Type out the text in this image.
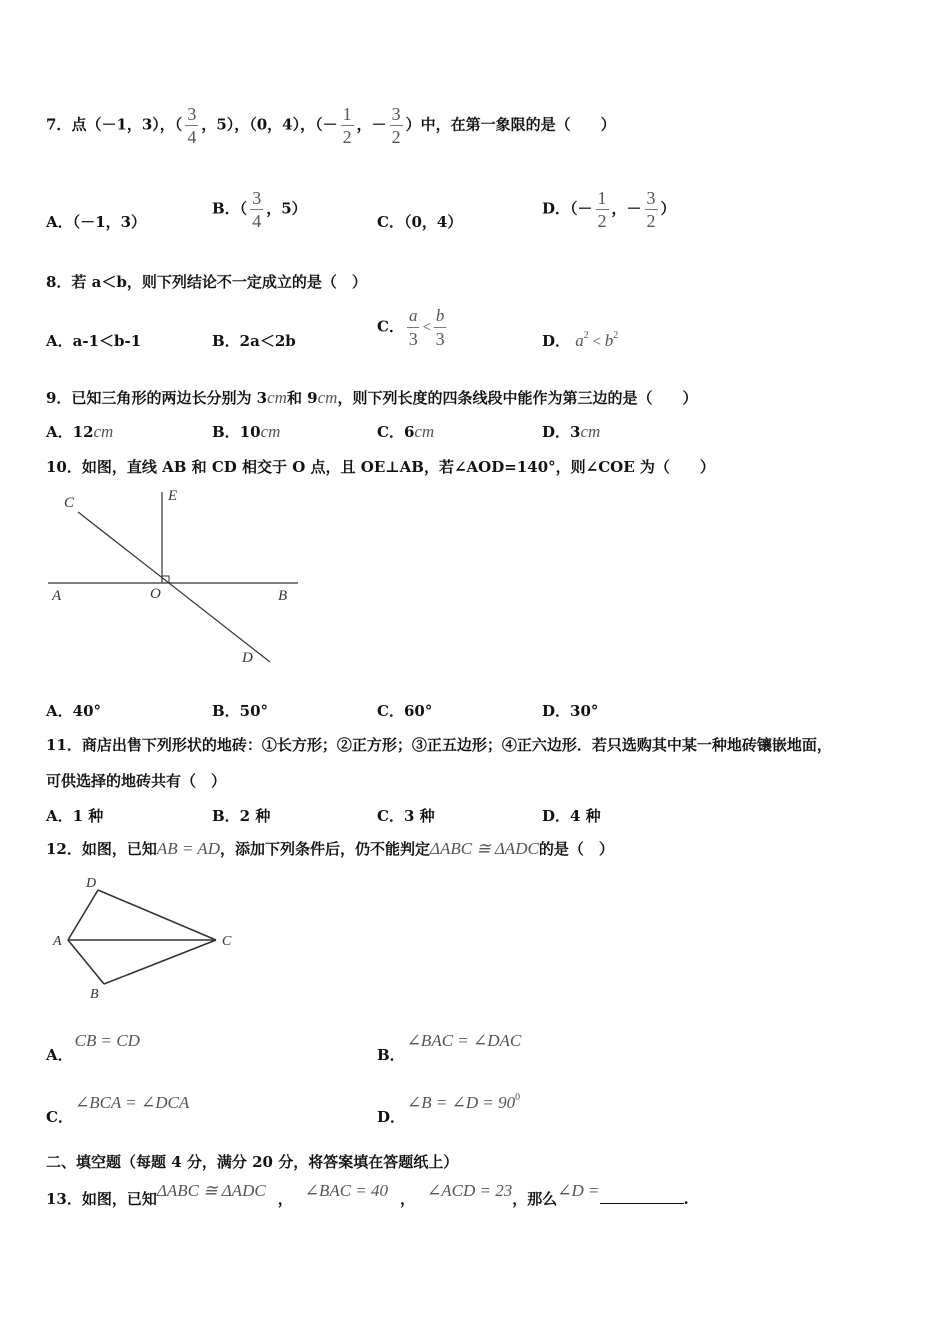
7．点（－1，3），（ $\frac{3}{4}$ ，5），（0，4），（－ $\frac{1}{2}$ ，－ $\frac{3}{2}$ ）中，在第一象限的是（　　）
A．（－1，3）
B．（ $\frac{3}{4}$ ，5）
C．（0，4）
D．（－ $\frac{1}{2}$ ，－ $\frac{3}{2}$ ）
8．若 a＜b，则下列结论不一定成立的是（　）
A．a-1＜b-1	B．2a＜2b
C． $\frac{a}{3} < \frac{b}{3}$	D． $a^2 < b^2$
9．已知三角形的两边长分别为 3cm和 9cm，则下列长度的四条线段中能作为第三边的是（　　）
A．12cm	B．10cm	C．6cm	D．3cm
10．如图，直线 AB 和 CD 相交于 O 点，且 OE⊥AB，若∠AOD=140°，则∠COE 为（　　）
C	E
A	O	B
D
A．40°	B．50°	C．60°	D．30°
11．商店出售下列形状的地砖：①长方形；②正方形；③正五边形；④正六边形．若只选购其中某一种地砖镶嵌地面，
可供选择的地砖共有（　）
A．1 种	B．2 种	C．3 种	D．4 种
12．如图，已知AB = AD，添加下列条件后，仍不能判定ΔABC ≅ ΔADC的是（　）
D
A	C
B
A．CB = CD
B．∠BAC = ∠DAC
C．∠BCA = ∠DCA
D．∠B = ∠D = $90^0$
二、填空题（每题 4 分，满分 20 分，将答案填在答题纸上）
13．如图，已知ΔABC ≅ ΔADC ， ∠BAC = 40 ， ∠ACD = 23，那么∠D =	.
